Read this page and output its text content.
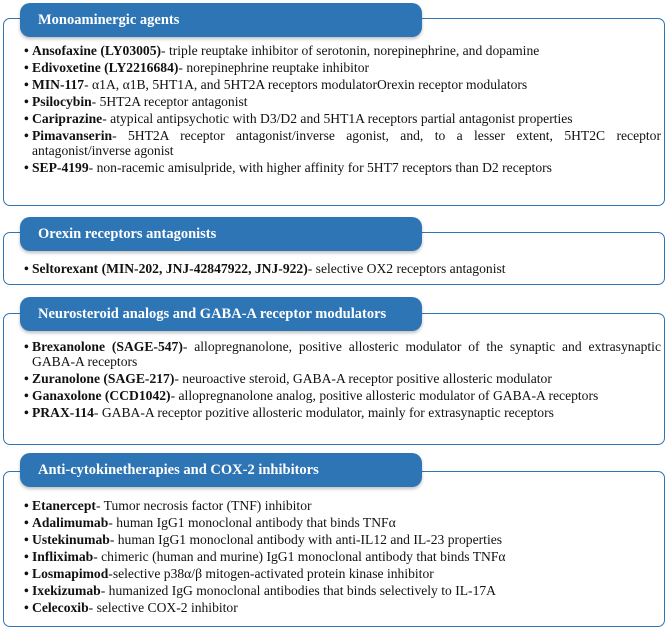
Monoaminergic agents
• Ansofaxine (LY03005)- triple reuptake inhibitor of serotonin, norepinephrine, and dopamine
• Edivoxetine (LY2216684)- norepinephrine reuptake inhibitor
• MIN-117- α1A, α1B, 5HT1A, and 5HT2A receptors modulatorOrexin receptor modulators
• Psilocybin- 5HT2A receptor antagonist
• Cariprazine- atypical antipsychotic with D3/D2 and 5HT1A receptors partial antagonist properties
• Pimavanserin- 5HT2A receptor antagonist/inverse agonist, and, to a lesser extent, 5HT2C receptor antagonist/inverse agonist
• SEP-4199- non-racemic amisulpride, with higher affinity for 5HT7 receptors than D2 receptors
Orexin receptors antagonists
• Seltorexant (MIN-202, JNJ-42847922, JNJ-922)- selective OX2 receptors antagonist
Neurosteroid analogs and GABA-A receptor modulators
• Brexanolone (SAGE-547)- allopregnanolone, positive allosteric modulator of the synaptic and extrasynaptic GABA-A receptors
• Zuranolone (SAGE-217)- neuroactive steroid, GABA-A receptor positive allosteric modulator
• Ganaxolone (CCD1042)- allopregnanolone analog, positive allosteric modulator of GABA-A receptors
• PRAX-114- GABA-A receptor pozitive allosteric modulator, mainly for extrasynaptic receptors
Anti-cytokinetherapies and COX-2 inhibitors
• Etanercept- Tumor necrosis factor (TNF) inhibitor
• Adalimumab- human IgG1 monoclonal antibody that binds TNFα
• Ustekinumab- human IgG1 monoclonal antibody with anti-IL12 and IL-23 properties
• Infliximab- chimeric (human and murine) IgG1 monoclonal antibody that binds TNFα
• Losmapimod-selective p38α/β mitogen-activated protein kinase inhibitor
• Ixekizumab- humanized IgG monoclonal antibodies that binds selectively to IL-17A
• Celecoxib- selective COX-2 inhibitor
